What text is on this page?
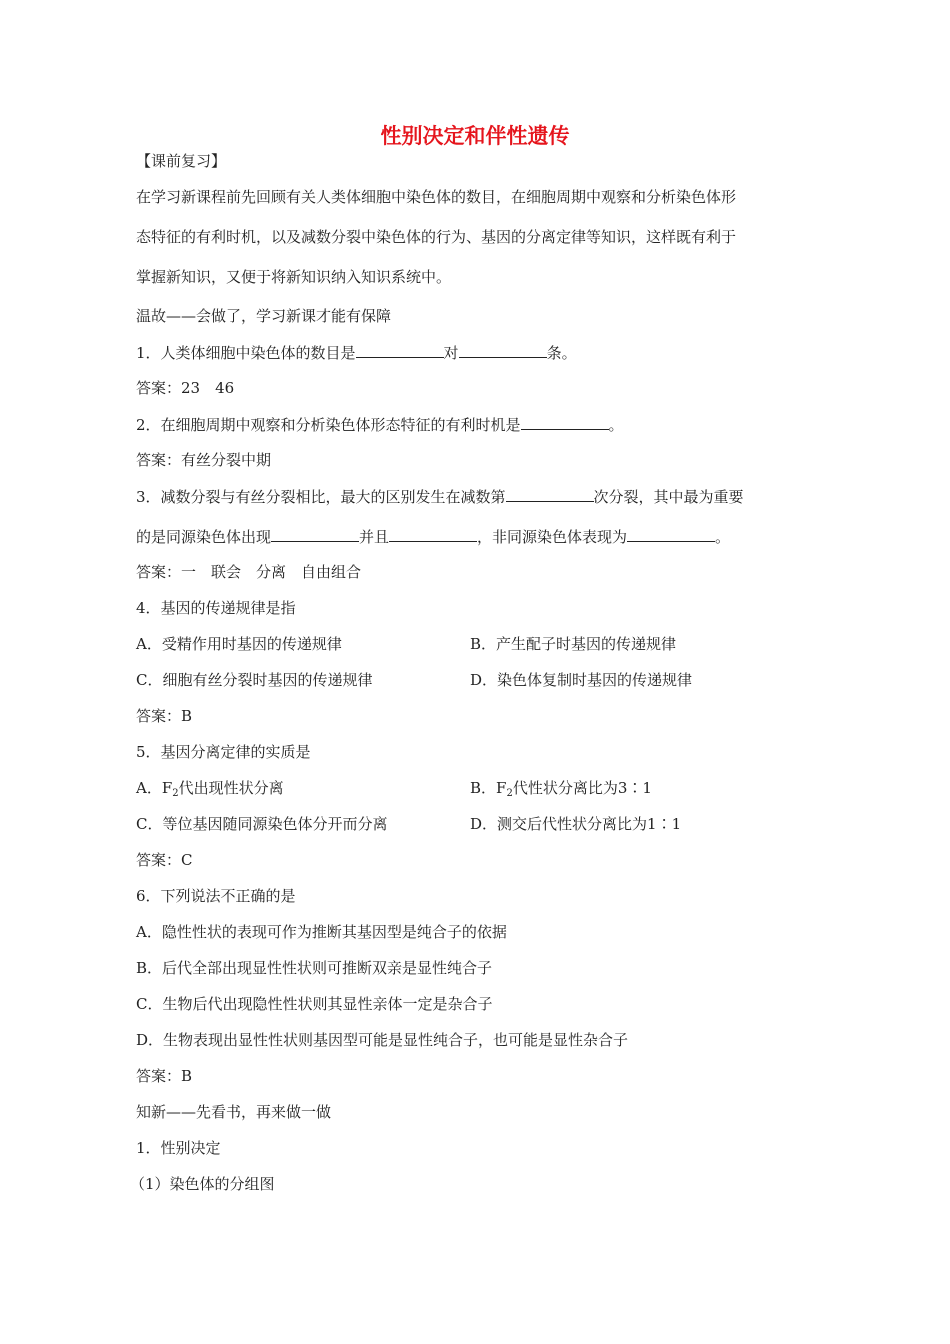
性别决定和伴性遗传
【课前复习】
在学习新课程前先回顾有关人类体细胞中染色体的数目，在细胞周期中观察和分析染色体形
态特征的有利时机，以及减数分裂中染色体的行为、基因的分离定律等知识，这样既有利于
掌握新知识，又便于将新知识纳入知识系统中。
温故——会做了，学习新课才能有保障
1．人类体细胞中染色体的数目是	对	条。
答案：23　46
2．在细胞周期中观察和分析染色体形态特征的有利时机是	。
答案：有丝分裂中期
3．减数分裂与有丝分裂相比，最大的区别发生在减数第	次分裂，其中最为重要
的是同源染色体出现	并且	，非同源染色体表现为	。
答案：一　联会　分离　自由组合
4．基因的传递规律是指
A．受精作用时基因的传递规律	B．产生配子时基因的传递规律
C．细胞有丝分裂时基因的传递规律	D．染色体复制时基因的传递规律
答案：B
5．基因分离定律的实质是
A．$F_2$代出现性状分离	B．$F_2$代性状分离比为3∶1
C．等位基因随同源染色体分开而分离	D．测交后代性状分离比为1∶1
答案：C
6．下列说法不正确的是
A．隐性性状的表现可作为推断其基因型是纯合子的依据
B．后代全部出现显性性状则可推断双亲是显性纯合子
C．生物后代出现隐性性状则其显性亲体一定是杂合子
D．生物表现出显性性状则基因型可能是显性纯合子，也可能是显性杂合子
答案：B
知新——先看书，再来做一做
1．性别决定
（1）染色体的分组图
